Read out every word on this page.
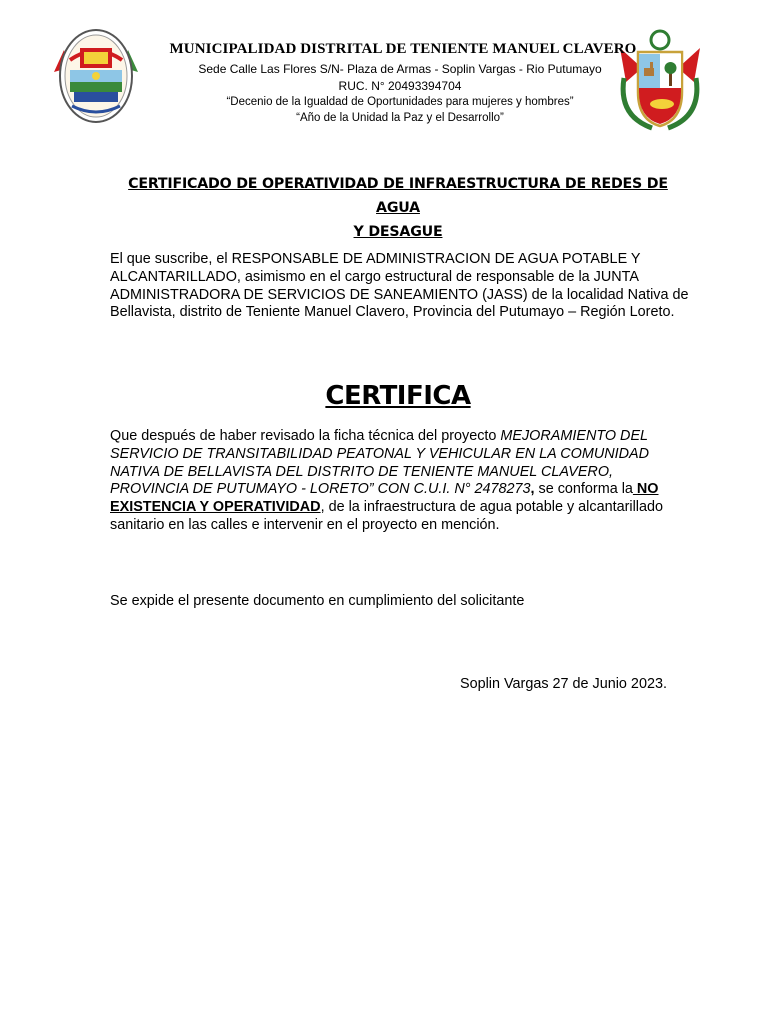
MUNICIPALIDAD DISTRITAL DE TENIENTE MANUEL CLAVERO
Sede Calle Las Flores S/N- Plaza de Armas - Soplin Vargas - Rio Putumayo
RUC. N° 20493394704
“Decenio de la Igualdad de Oportunidades para mujeres y hombres”
“Año de la Unidad la Paz y el Desarrollo”
CERTIFICADO DE OPERATIVIDAD DE INFRAESTRUCTURA DE REDES DE AGUA
Y DESAGUE
El que suscribe, el RESPONSABLE DE ADMINISTRACION DE AGUA POTABLE Y ALCANTARILLADO, asimismo en el cargo estructural de responsable de la JUNTA ADMINISTRADORA DE SERVICIOS DE SANEAMIENTO (JASS) de la localidad Nativa de Bellavista, distrito de Teniente Manuel Clavero, Provincia del Putumayo – Región Loreto.
CERTIFICA
Que después de haber revisado la ficha técnica del proyecto MEJORAMIENTO DEL SERVICIO DE TRANSITABILIDAD PEATONAL Y VEHICULAR EN LA COMUNIDAD NATIVA DE BELLAVISTA DEL DISTRITO DE TENIENTE MANUEL CLAVERO, PROVINCIA DE PUTUMAYO - LORETO” CON C.U.I. N° 2478273, se conforma la NO EXISTENCIA Y OPERATIVIDAD, de la infraestructura de agua potable y alcantarillado sanitario en las calles e intervenir en el proyecto en mención.
Se expide el presente documento en cumplimiento del solicitante
Soplin Vargas 27 de Junio 2023.
